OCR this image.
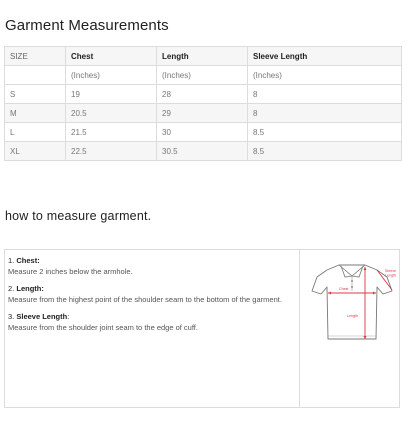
Garment Measurements
SIZE	Chest	Length	Sleeve Length
	(Inches)	(Inches)	(Inches)
S	19	28	8
M	20.5	29	8
L	21.5	30	8.5
XL	22.5	30.5	8.5
how to measure garment.
1. Chest:
Measure 2 inches below the armhole.
2. Length:
Measure from the highest point of the shoulder seam to the bottom of the garment.
3. Sleeve Length:
Measure from the shoulder joint seam to the edge of cuff.
Chest
Length
Sleeve
Length
